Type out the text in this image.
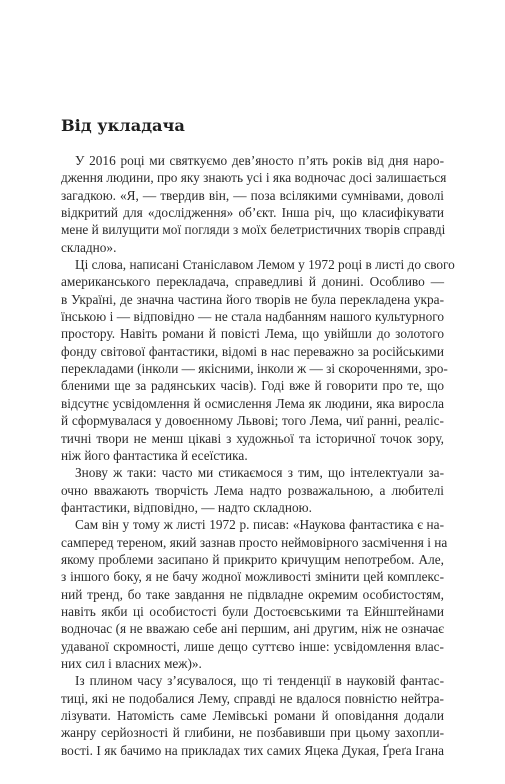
Від укладача
У 2016 році ми святкуємо дев’яносто п’ять років від дня наро-
дження людини, про яку знають усі і яка водночас досі залишається
загадкою. «Я, — твердив він, — поза всілякими сумнівами, доволі
відкритий для «дослідження» об’єкт. Інша річ, що класифікувати
мене й вилущити мої погляди з моїх белетристичних творів справді
складно».
Ці слова, написані Станіславом Лемом у 1972 році в листі до свого
американського перекладача, справедливі й донині. Особливо —
в Україні, де значна частина його творів не була перекладена укра-
їнською і — відповідно — не стала надбанням нашого культурного
простору. Навіть романи й повісті Лема, що увійшли до золотого
фонду світової фантастики, відомі в нас переважно за російськими
перекладами (інколи — якісними, інколи ж — зі скороченнями, зро-
бленими ще за радянських часів). Годі вже й говорити про те, що
відсутнє усвідомлення й осмислення Лема як людини, яка виросла
й сформувалася у довоєнному Львові; того Лема, чиї ранні, реаліс-
тичні твори не менш цікаві з художньої та історичної точок зору,
ніж його фантастика й есеїстика.
Знову ж таки: часто ми стикаємося з тим, що інтелектуали за-
очно вважають творчість Лема надто розважальною, а любителі
фантастики, відповідно, — надто складною.
Сам він у тому ж листі 1972 р. писав: «Наукова фантастика є на-
самперед тереном, який зазнав просто неймовірного засмічення і на
якому проблеми засипано й прикрито кричущим непотребом. Але,
з іншого боку, я не бачу жодної можливості змінити цей комплекс-
ний тренд, бо таке завдання не підвладне окремим особистостям,
навіть якби ці особистості були Достоєвськими та Ейнштейнами
водночас (я не вважаю себе ані першим, ані другим, ніж не означає
удаваної скромності, лише дещо суттєво інше: усвідомлення влас-
них сил і власних меж)».
Із плином часу з’ясувалося, що ті тенденції в науковій фантас-
тиці, які не подобалися Лему, справді не вдалося повністю нейтра-
лізувати. Натомість саме Лемівські романи й оповідання додали
жанру серйозності й глибини, не позбавивши при цьому захопли-
вості. І як бачимо на прикладах тих самих Яцека Дукая, Ґреґа Ігана
